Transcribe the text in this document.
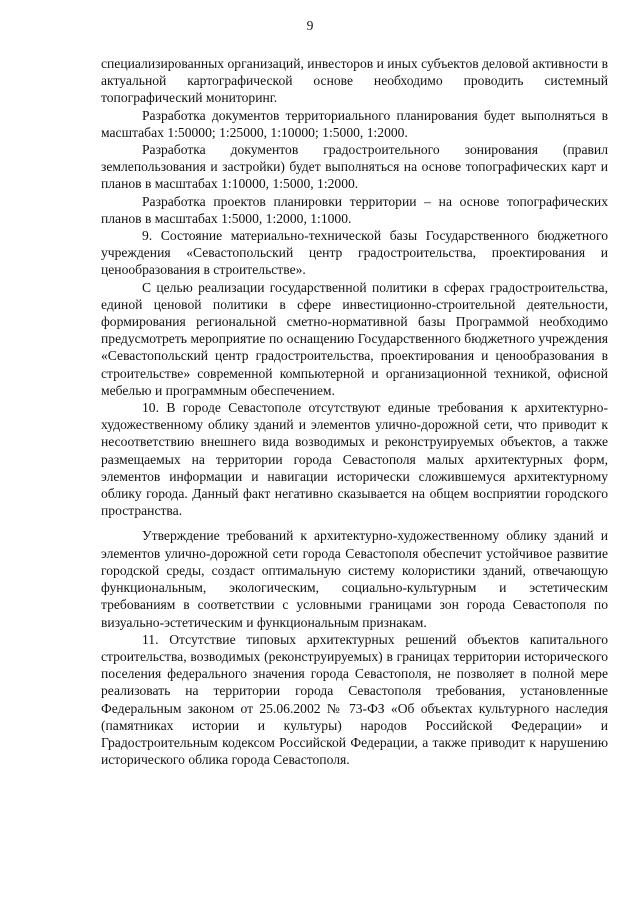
9

специализированных организаций, инвесторов и иных субъектов деловой активности в актуальной картографической основе необходимо проводить системный топографический мониторинг.

Разработка документов территориального планирования будет выполняться в масштабах 1:50000; 1:25000, 1:10000; 1:5000, 1:2000.

Разработка документов градостроительного зонирования (правил землепользования и застройки) будет выполняться на основе топографических карт и планов в масштабах 1:10000, 1:5000, 1:2000.

Разработка проектов планировки территории – на основе топографических планов в масштабах 1:5000, 1:2000, 1:1000.

9. Состояние материально-технической базы Государственного бюджетного учреждения «Севастопольский центр градостроительства, проектирования и ценообразования в строительстве».

С целью реализации государственной политики в сферах градостроительства, единой ценовой политики в сфере инвестиционно-строительной деятельности, формирования региональной сметно-нормативной базы Программой необходимо предусмотреть мероприятие по оснащению Государственного бюджетного учреждения «Севастопольский центр градостроительства, проектирования и ценообразования в строительстве» современной компьютерной и организационной техникой, офисной мебелью и программным обеспечением.

10. В городе Севастополе отсутствуют единые требования к архитектурно-художественному облику зданий и элементов улично-дорожной сети, что приводит к несоответствию внешнего вида возводимых и реконструируемых объектов, а также размещаемых на территории города Севастополя малых архитектурных форм, элементов информации и навигации исторически сложившемуся архитектурному облику города. Данный факт негативно сказывается на общем восприятии городского пространства.

Утверждение требований к архитектурно-художественному облику зданий и элементов улично-дорожной сети города Севастополя обеспечит устойчивое развитие городской среды, создаст оптимальную систему колористики зданий, отвечающую функциональным, экологическим, социально-культурным и эстетическим требованиям в соответствии с условными границами зон города Севастополя по визуально-эстетическим и функциональным признакам.

11. Отсутствие типовых архитектурных решений объектов капитального строительства, возводимых (реконструируемых) в границах территории исторического поселения федерального значения города Севастополя, не позволяет в полной мере реализовать на территории города Севастополя требования, установленные Федеральным законом от 25.06.2002 № 73-ФЗ «Об объектах культурного наследия (памятниках истории и культуры) народов Российской Федерации» и Градостроительным кодексом Российской Федерации, а также приводит к нарушению исторического облика города Севастополя.
